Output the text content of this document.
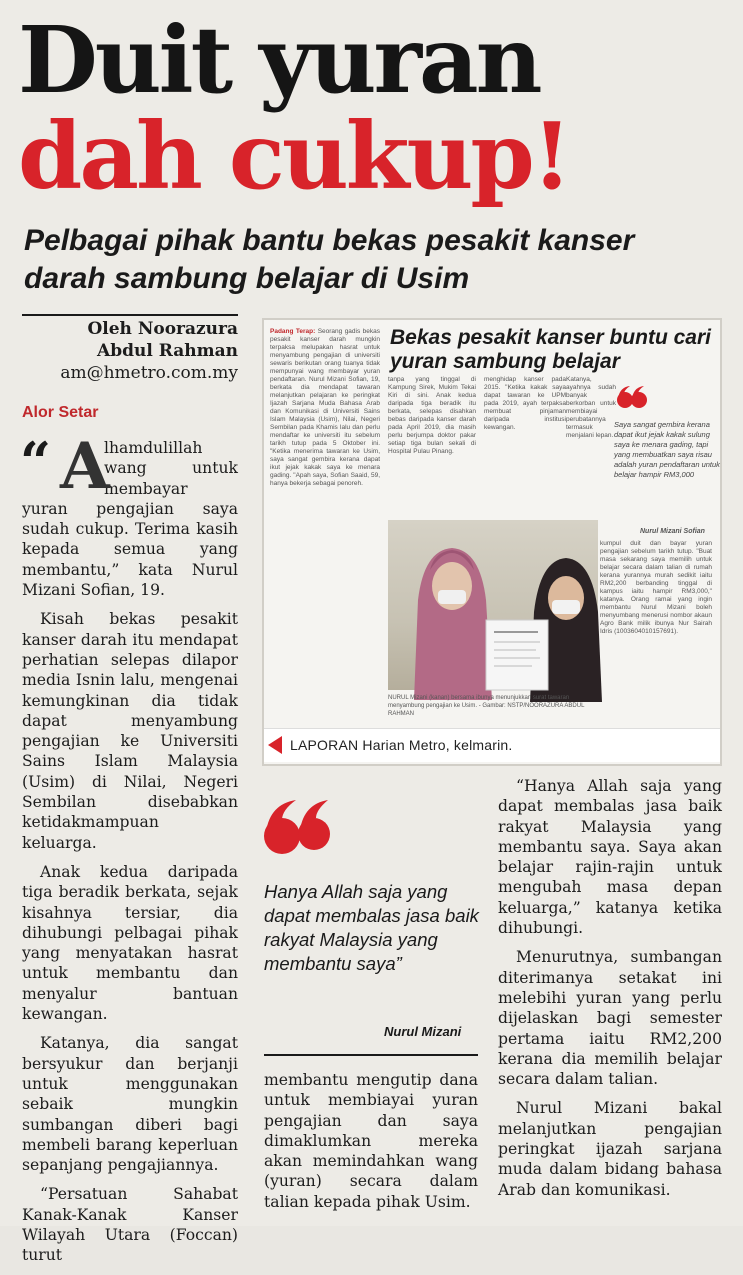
Duit yuran
dah cukup!
Pelbagai pihak bantu bekas pesakit kanser darah sambung belajar di Usim
Oleh Noorazura
Abdul Rahman
am@hmetro.com.my
Alor Setar
“ A

lhamdulillah wang untuk membayar yuran pengajian saya sudah cukup. Terima kasih kepada semua yang membantu,” kata Nurul Mizani Sofian, 19.

Kisah bekas pesakit kanser darah itu mendapat perhatian selepas dilapor media Isnin lalu, mengenai kemungkinan dia tidak dapat menyambung pengajian ke Universiti Sains Islam Malaysia (Usim) di Nilai, Negeri Sembilan disebabkan ketidakmampuan keluarga.

Anak kedua daripada tiga beradik berkata, sejak kisahnya tersiar, dia dihubungi pelbagai pihak yang menyatakan hasrat untuk membantu dan menyalur bantuan kewangan.

Katanya, dia sangat bersyukur dan berjanji untuk menggunakan sebaik mungkin sumbangan diberi bagi membeli barang keperluan sepanjang pengajiannya.

“Persatuan Sahabat Kanak-Kanak Kanser Wilayah Utara (Foccan) turut

Bekas pesakit kanser buntu cari yuran sambung belajar
Padang Terap: Seorang gadis bekas pesakit kanser darah mungkin terpaksa melupakan hasrat untuk menyambung pengajian di universiti sewaris berikutan orang tuanya tidak mempunyai wang membayar yuran pendaftaran. Nurul Mizani Sofian, 19, berkata dia mendapat tawaran melanjutkan pelajaran ke peringkat Ijazah Sarjana Muda Bahasa Arab dan Komunikasi di Universiti Sains Islam Malaysia (Usim), Nilai, Negeri Sembilan pada Khamis lalu dan perlu mendaftar ke universiti itu sebelum tarikh tutup pada 5 Oktober ini. "Ketika menerima tawaran ke Usim, saya sangat gembira kerana dapat ikut jejak kakak saya ke menara gading. "Apah saya, Sofian Saaid, 59, hanya bekerja sebagai penoreh.
tanpa yang tinggal di Kampung Sirek, Mukim Tekai Kiri di sini. Anak kedua daripada tiga beradik itu berkata, selepas disahkan bebas daripada kanser darah pada April 2019, dia masih perlu berjumpa doktor pakar setiap tiga bulan sekali di Hospital Pulau Pinang.
menghidap kanser pada 2015. "Ketika kakak saya dapat tawaran ke UPM pada 2019, ayah terpaksa membuat pinjaman daripada institusi kewangan.
Katanya, ayahnya sudah banyak berkorban untuk membiayai perubatannya termasuk menjalani lepan.
kumpul duit dan bayar yuran pengajian sebelum tarikh tutup. "Buat masa sekarang saya memilih untuk belajar secara dalam talian di rumah kerana yurannya murah sedikit iaitu RM2,200 berbanding tinggal di kampus iaitu hampir RM3,000," katanya. Orang ramai yang ingin membantu Nurul Mizani boleh menyumbang menerusi nombor akaun Agro Bank milik ibunya Nur Sairah Idris (1003604010157691).
Saya sangat gembira kerana dapat ikut jejak kakak sulung saya ke menara gading, tapi yang membuatkan saya risau adalah yuran pendaftaran untuk belajar hampir RM3,000
Nurul Mizani Sofian
NURUL Mizani (kanan) bersama ibunya menunjukkan surat tawaran menyambung pengajian ke Usim. - Gambar: NSTP/NOORAZURA ABDUL RAHMAN
LAPORAN Harian Metro, kelmarin.
Hanya Allah saja yang dapat membalas jasa baik rakyat Malaysia yang membantu saya”
Nurul Mizani

membantu mengutip dana untuk membiayai yuran pengajian dan saya dimaklumkan mereka akan memindahkan wang (yuran) secara dalam talian kepada pihak Usim.

“Hanya Allah saja yang dapat membalas jasa baik rakyat Malaysia yang membantu saya. Saya akan belajar rajin-rajin untuk mengubah masa depan keluarga,” katanya ketika dihubungi.

Menurutnya, sumbangan diterimanya setakat ini melebihi yuran yang perlu dijelaskan bagi semester pertama iaitu RM2,200 kerana dia memilih belajar secara dalam talian.

Nurul Mizani bakal melanjutkan pengajian peringkat ijazah sarjana muda dalam bidang bahasa Arab dan komunikasi.
